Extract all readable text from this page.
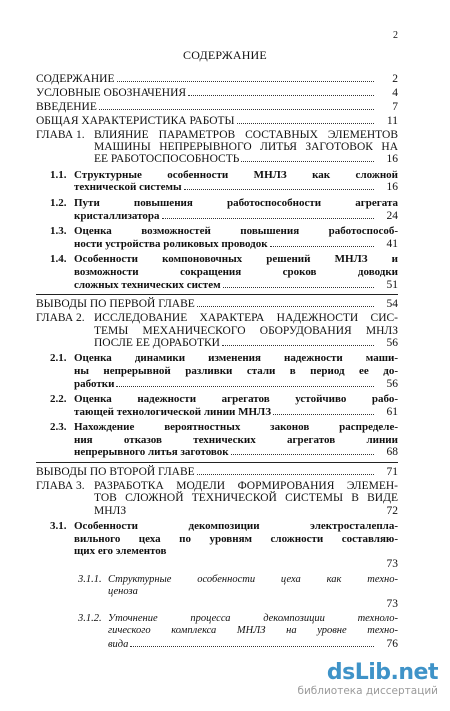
2
СОДЕРЖАНИЕ
СОДЕРЖАНИЕ	2
УСЛОВНЫЕ ОБОЗНАЧЕНИЯ	4
ВВЕДЕНИЕ	7
ОБЩАЯ ХАРАКТЕРИСТИКА РАБОТЫ	11
ГЛАВА 1. ВЛИЯНИЕ ПАРАМЕТРОВ СОСТАВНЫХ ЭЛЕМЕНТОВ
МАШИНЫ НЕПРЕРЫВНОГО ЛИТЬЯ ЗАГОТОВОК НА
ЕЕ РАБОТОСПОСОБНОСТЬ	16
1.1. Структурные особенности МНЛЗ как сложной
технической системы	16
1.2. Пути повышения работоспособности агрегата
кристаллизатора	24
1.3. Оценка возможностей повышения работоспособ-
ности устройства роликовых проводок	41
1.4. Особенности компоновочных решений МНЛЗ и
возможности сокращения сроков доводки
сложных технических систем	51
ВЫВОДЫ ПО ПЕРВОЙ ГЛАВЕ	54
ГЛАВА 2. ИССЛЕДОВАНИЕ ХАРАКТЕРА НАДЕЖНОСТИ СИС-
ТЕМЫ МЕХАНИЧЕСКОГО ОБОРУДОВАНИЯ МНЛЗ
ПОСЛЕ ЕЕ ДОРАБОТКИ	56
2.1. Оценка динамики изменения надежности маши-
ны непрерывной разливки стали в период ее до-
работки	56
2.2. Оценка надежности агрегатов устойчиво рабо-
тающей технологической линии МНЛЗ	61
2.3. Нахождение вероятностных законов распределе-
ния отказов технических агрегатов линии
непрерывного литья заготовок	68
ВЫВОДЫ ПО ВТОРОЙ ГЛАВЕ	71
ГЛАВА 3. РАЗРАБОТКА МОДЕЛИ ФОРМИРОВАНИЯ ЭЛЕМЕН-
ТОВ СЛОЖНОЙ ТЕХНИЧЕСКОЙ СИСТЕМЫ В ВИДЕ
МНЛЗ	72
3.1. Особенности декомпозиции электросталепла-
вильного цеха по уровням сложности составляю-
щих его элементов
73
3.1.1. Структурные особенности цеха как техно-
ценоза
73
3.1.2. Уточнение процесса декомпозиции техноло-
гического комплекса МНЛЗ на уровне техно-
вида	76
dsLib.net
библиотека диссертаций
